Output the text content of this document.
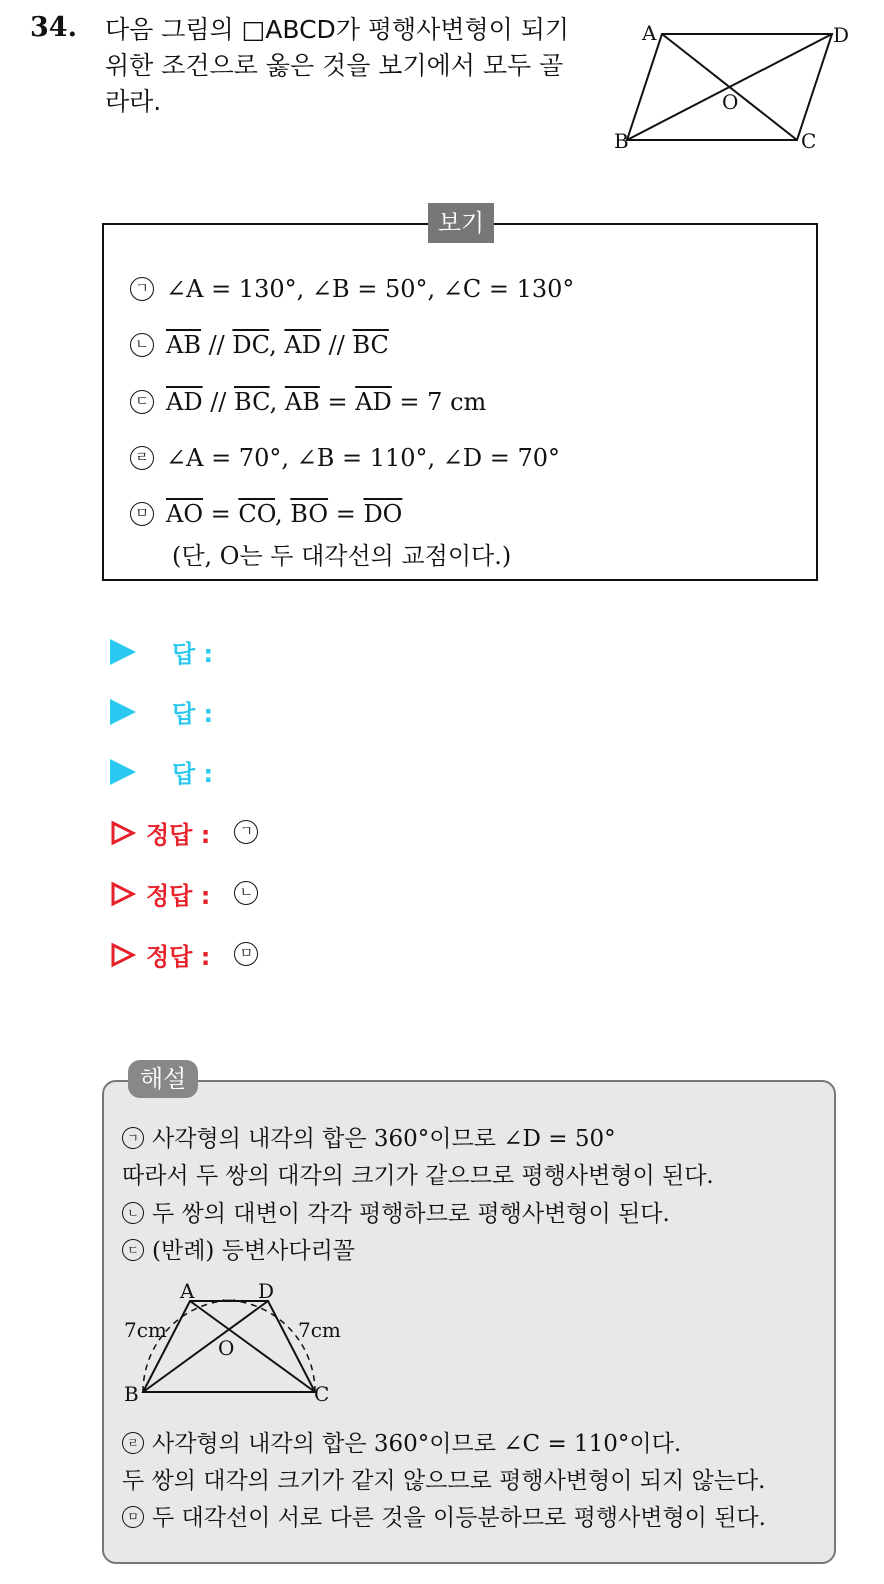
34. 다음 그림의 □ABCD가 평행사변형이 되기
위한 조건으로 옳은 것을 보기에서 모두 골
라라.
A	D
B	C
O
보기
ㄱ ∠A = 130°, ∠B = 50°, ∠C = 130°
ㄴ $\overline{AB} // \overline{DC}$, $\overline{AD} // \overline{BC}$
ㄷ $\overline{AD} // \overline{BC}$, $\overline{AB} = \overline{AD} = 7$ cm
ㄹ ∠A = 70°, ∠B = 110°, ∠D = 70°
ㅁ $\overline{AO} = \overline{CO}$, $\overline{BO} = \overline{DO}$
(단, O는 두 대각선의 교점이다.)
답 :
답 :
답 :
정답 :	ㄱ
정답 :	ㄴ
정답 :	ㅁ
해설
ㄱ 사각형의 내각의 합은 360°이므로 ∠D = 50°
따라서 두 쌍의 대각의 크기가 같으므로 평행사변형이 된다.
ㄴ 두 쌍의 대변이 각각 평행하므로 평행사변형이 된다.
ㄷ (반례) 등변사다리꼴
A	D
B	C
O
7cm	7cm
ㄹ 사각형의 내각의 합은 360°이므로 ∠C = 110°이다.
두 쌍의 대각의 크기가 같지 않으므로 평행사변형이 되지 않는다.
ㅁ 두 대각선이 서로 다른 것을 이등분하므로 평행사변형이 된다.
